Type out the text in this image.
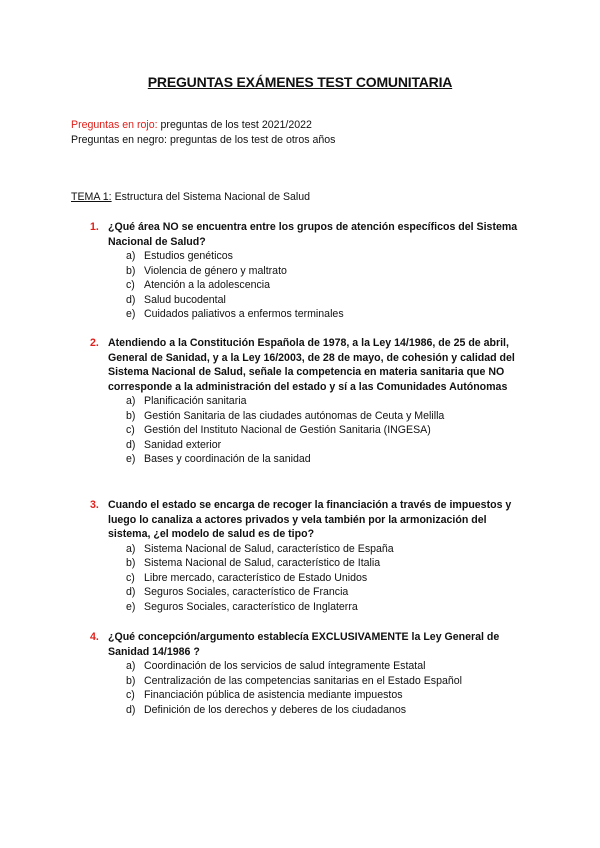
PREGUNTAS EXÁMENES TEST COMUNITARIA
Preguntas en rojo: preguntas de los test 2021/2022
Preguntas en negro: preguntas de los test de otros años
TEMA 1: Estructura del Sistema Nacional de Salud
1. ¿Qué área NO se encuentra entre los grupos de atención específicos del Sistema Nacional de Salud?
a) Estudios genéticos
b) Violencia de género y maltrato
c) Atención a la adolescencia
d) Salud bucodental
e) Cuidados paliativos a enfermos terminales
2. Atendiendo a la Constitución Española de 1978, a la Ley 14/1986, de 25 de abril, General de Sanidad, y a la Ley 16/2003, de 28 de mayo, de cohesión y calidad del Sistema Nacional de Salud, señale la competencia en materia sanitaria que NO corresponde a la administración del estado y sí a las Comunidades Autónomas
a) Planificación sanitaria
b) Gestión Sanitaria de las ciudades autónomas de Ceuta y Melilla
c) Gestión del Instituto Nacional de Gestión Sanitaria (INGESA)
d) Sanidad exterior
e) Bases y coordinación de la sanidad
3. Cuando el estado se encarga de recoger la financiación a través de impuestos y luego lo canaliza a actores privados y vela también por la armonización del sistema, ¿el modelo de salud es de tipo?
a) Sistema Nacional de Salud, característico de España
b) Sistema Nacional de Salud, característico de Italia
c) Libre mercado, característico de Estado Unidos
d) Seguros Sociales, característico de Francia
e) Seguros Sociales, característico de Inglaterra
4. ¿Qué concepción/argumento establecía EXCLUSIVAMENTE la Ley General de Sanidad 14/1986 ?
a) Coordinación de los servicios de salud íntegramente Estatal
b) Centralización de las competencias sanitarias en el Estado Español
c) Financiación pública de asistencia mediante impuestos
d) Definición de los derechos y deberes de los ciudadanos
